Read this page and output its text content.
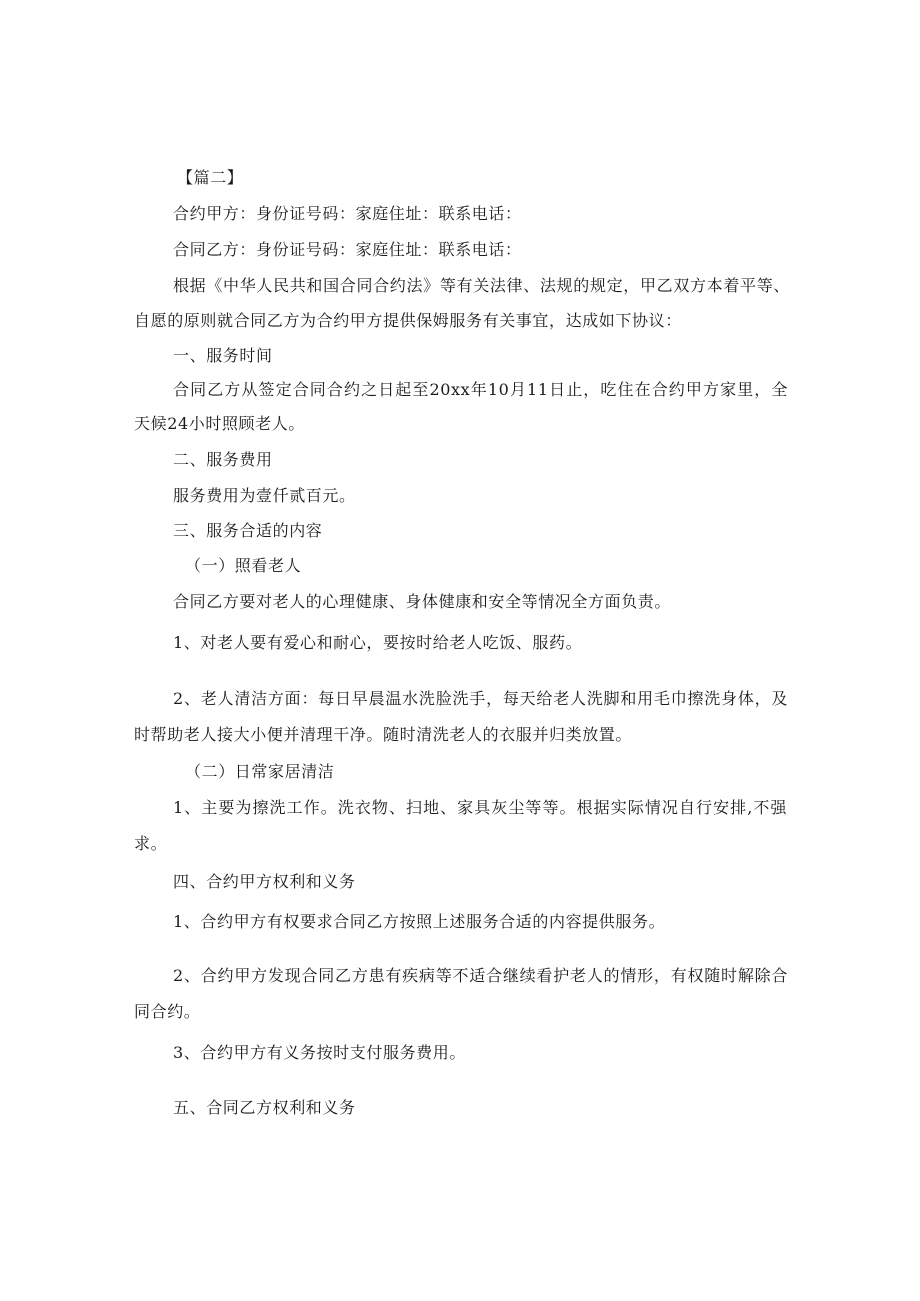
【篇二】

合约甲方：身份证号码：家庭住址：联系电话：

合同乙方：身份证号码：家庭住址：联系电话：

根据《中华人民共和国合同合约法》等有关法律、法规的规定，甲乙双方本着平等、

自愿的原则就合同乙方为合约甲方提供保姆服务有关事宜，达成如下协议：

一、服务时间

合同乙方从签定合同合约之日起至20xx年10月11日止，吃住在合约甲方家里，全

天候24小时照顾老人。

二、服务费用

服务费用为壹仟贰百元。

三、服务合适的内容

（一）照看老人

合同乙方要对老人的心理健康、身体健康和安全等情况全方面负责。

1、对老人要有爱心和耐心，要按时给老人吃饭、服药。

2、老人清洁方面：每日早晨温水洗脸洗手，每天给老人洗脚和用毛巾擦洗身体，及

时帮助老人接大小便并清理干净。随时清洗老人的衣服并归类放置。

（二）日常家居清洁

1、主要为擦洗工作。洗衣物、扫地、家具灰尘等等。根据实际情况自行安排,不强

求。

四、合约甲方权利和义务

1、合约甲方有权要求合同乙方按照上述服务合适的内容提供服务。

2、合约甲方发现合同乙方患有疾病等不适合继续看护老人的情形，有权随时解除合

同合约。

3、合约甲方有义务按时支付服务费用。

五、合同乙方权利和义务
